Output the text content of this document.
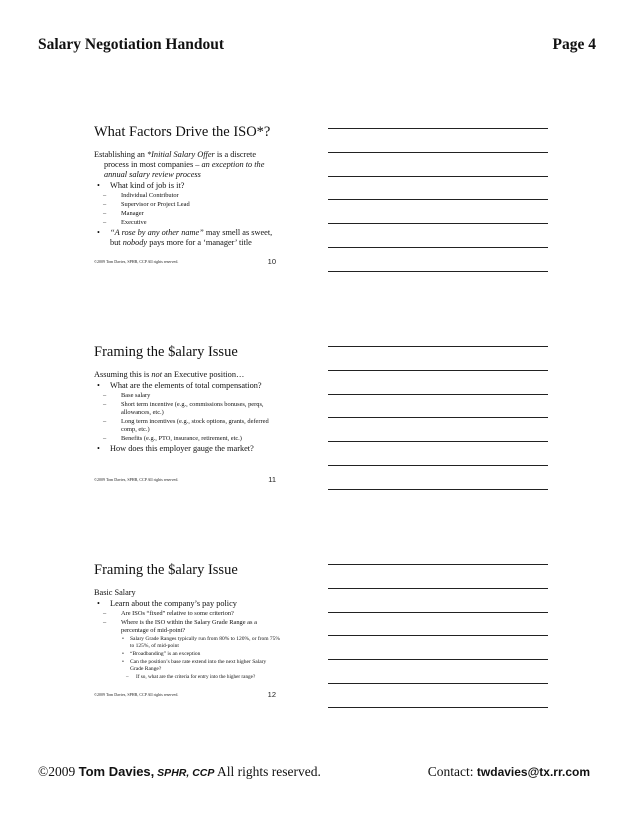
Salary Negotiation Handout	Page 4
What Factors Drive the ISO*?
Establishing an *Initial Salary Offer is a discrete process in most companies – an exception to the annual salary review process
• What kind of job is it?
– Individual Contributor
– Supervisor or Project Lead
– Manager
– Executive
• “A rose by any other name” may smell as sweet, but nobody pays more for a ‘manager’ title
©2009 Tom Davies, SPHR, CCP All rights reserved.	10
Framing the $alary Issue
Assuming this is not an Executive position…
• What are the elements of total compensation?
– Base salary
– Short term incentive (e.g., commissions bonuses, perqs, allowances, etc.)
– Long term incentives (e.g., stock options, grants, deferred comp, etc.)
– Benefits (e.g., PTO, insurance, retirement, etc.)
• How does this employer gauge the market?
©2009 Tom Davies, SPHR, CCP All rights reserved.	11
Framing the $alary Issue
Basic Salary
• Learn about the company’s pay policy
– Are ISOs “fixed” relative to some criterion?
– Where is the ISO within the Salary Grade Range as a percentage of mid-point?
• Salary Grade Ranges typically run from 80% to 120%, or from 75% to 125%, of mid-point
• “Broadbanding” is an exception
• Can the position’s base rate extend into the next higher Salary Grade Range?
– If so, what are the criteria for entry into the higher range?
©2009 Tom Davies, SPHR, CCP All rights reserved.	12
©2009 Tom Davies, SPHR, CCP All rights reserved.	Contact: twdavies@tx.rr.com
